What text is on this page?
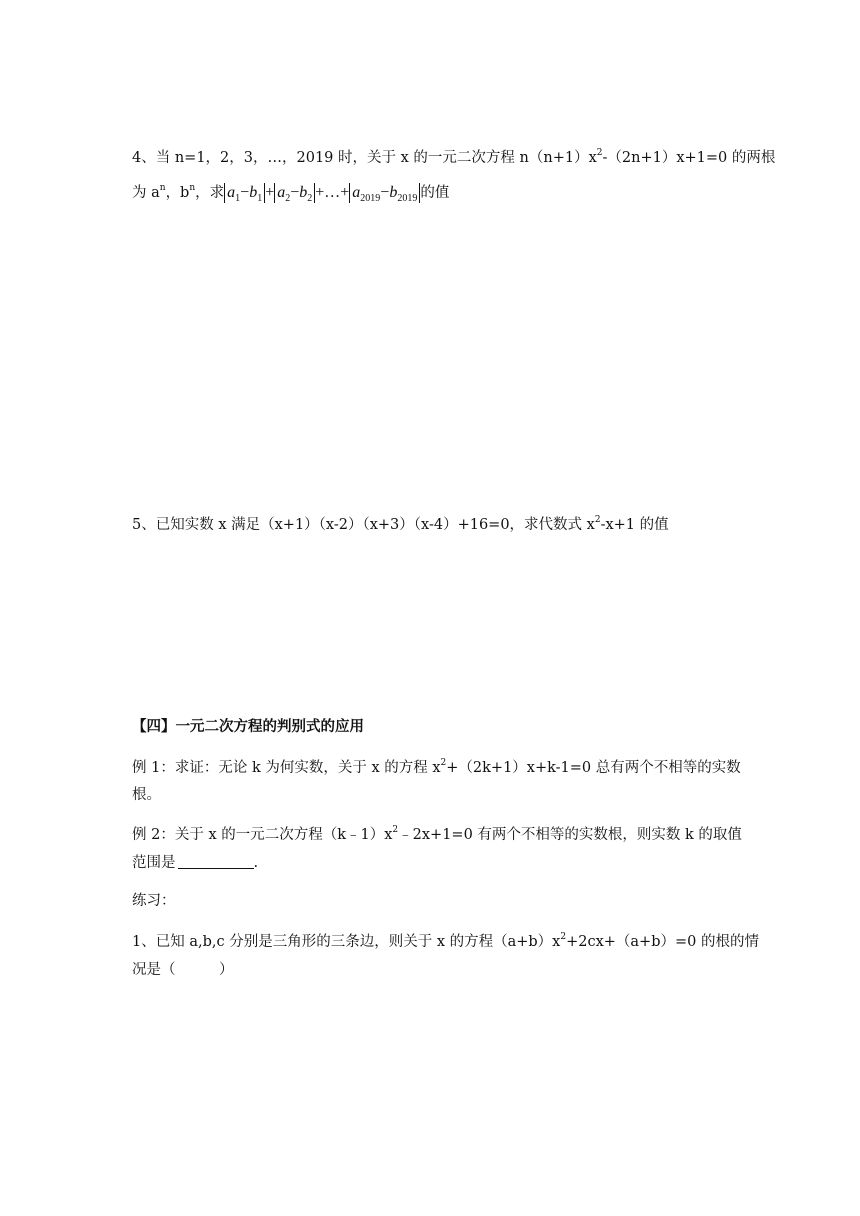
4、当 n=1，2，3，…，2019 时，关于 x 的一元二次方程 $n(n+1)x^2-(2n+1)x+1=0$ 的两根
为 $a^n$，$b^n$，求 $a_1-b_1 + a_2-b_2$ +…+ $a_{2019}-b_{2019}$ 的值
5、已知实数 x 满足（x+1）（x-2）（x+3）（x-4）+16=0，求代数式 $x^2-x+1$ 的值
【四】一元二次方程的判别式的应用
例 1：求证：无论 k 为何实数，关于 x 的方程 $x^2+(2k+1)x+k-1=0$ 总有两个不相等的实数
根。
例 2：关于 x 的一元二次方程$(k﹣1)x^2﹣2x+1=0$ 有两个不相等的实数根，则实数 k 的取值
范围是	.
练习：
1、已知 a,b,c 分别是三角形的三条边，则关于 x 的方程$(a+b)x^2+2cx+(a+b)=0$ 的根的情
况是（　　　）
